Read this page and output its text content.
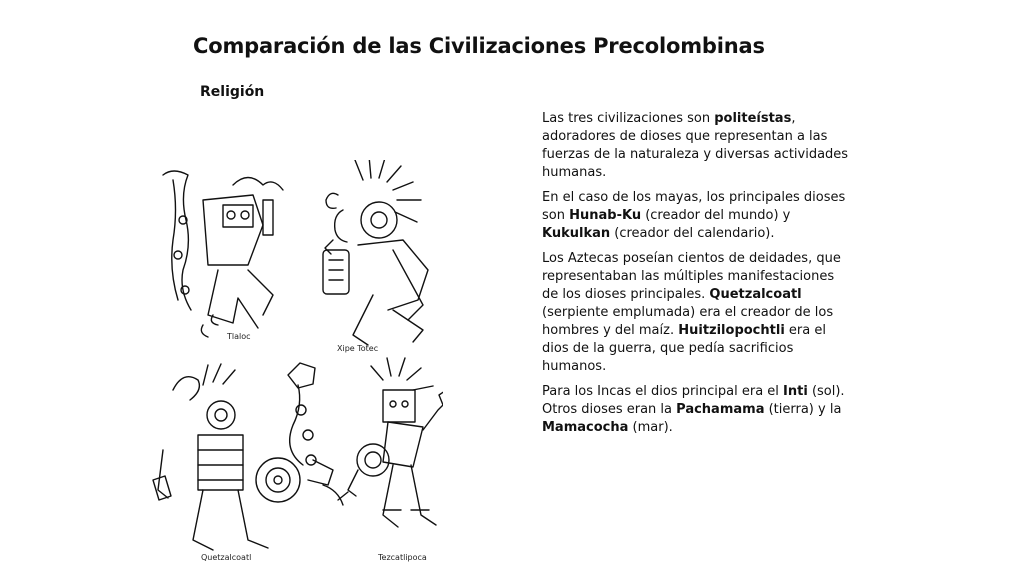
Comparación de las Civilizaciones Precolombinas
Religión
Tlaloc
Xipe Totec
Quetzalcoatl	Tezcatlipoca

Las tres civilizaciones son politeístas, adoradores de dioses que representan a las fuerzas de la naturaleza y diversas actividades humanas.

En el caso de los mayas, los principales dioses son Hunab-Ku (creador del mundo) y Kukulkan (creador del calendario).

Los Aztecas poseían cientos de deidades, que representaban las múltiples manifestaciones de los dioses principales. Quetzalcoatl (serpiente emplumada) era el creador de los hombres y del maíz. Huitzilopochtli era el dios de la guerra, que pedía sacrificios humanos.

Para los Incas el dios principal era el Inti (sol). Otros dioses eran la Pachamama (tierra) y la Mamacocha (mar).
